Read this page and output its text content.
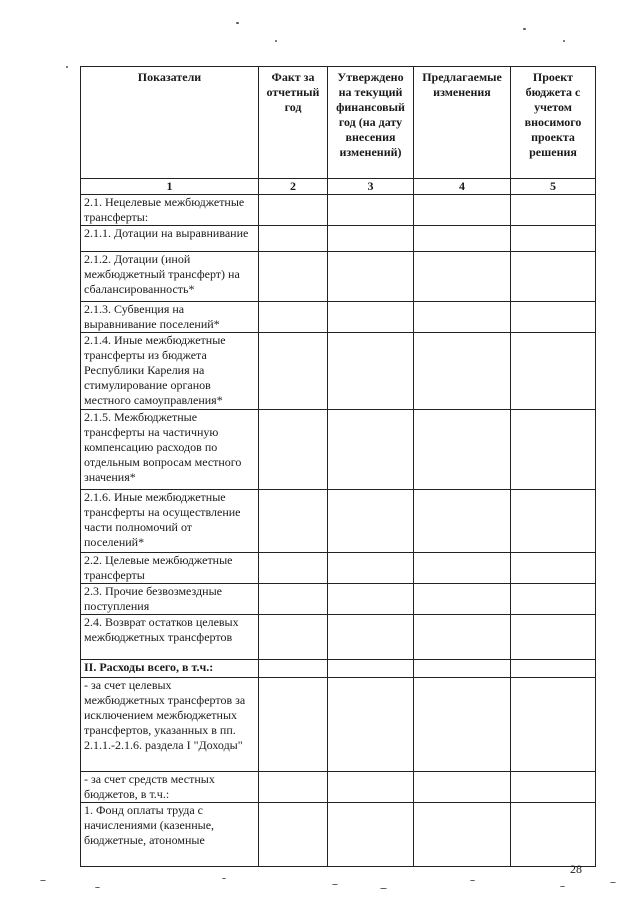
Показатели	Факт за отчетный год	Утверждено на текущий финансовый год (на дату внесения изменений)	Предлагаемые изменения	Проект бюджета с учетом вносимого проекта решения
1	2	3	4	5
2.1. Нецелевые межбюджетные трансферты:				
2.1.1. Дотации на выравнивание				
2.1.2. Дотации (иной межбюджетный трансферт) на сбалансированность*				
2.1.3. Субвенция на выравнивание поселений*				
2.1.4. Иные межбюджетные трансферты из бюджета Республики Карелия на стимулирование органов местного самоуправления*				
2.1.5. Межбюджетные трансферты на частичную компенсацию расходов по отдельным вопросам местного значения*				
2.1.6. Иные межбюджетные трансферты на осуществление части полномочий от поселений*				
2.2. Целевые межбюджетные трансферты				
2.3. Прочие безвозмездные поступления				
2.4. Возврат остатков целевых межбюджетных трансфертов				
II. Расходы всего, в т.ч.:				
- за счет целевых межбюджетных трансфертов за исключением межбюджетных трансфертов, указанных в пп. 2.1.1.-2.1.6. раздела I "Доходы"				
- за счет средств местных бюджетов, в т.ч.:				
1. Фонд оплаты труда с начислениями (казенные, бюджетные, атономные				
28
